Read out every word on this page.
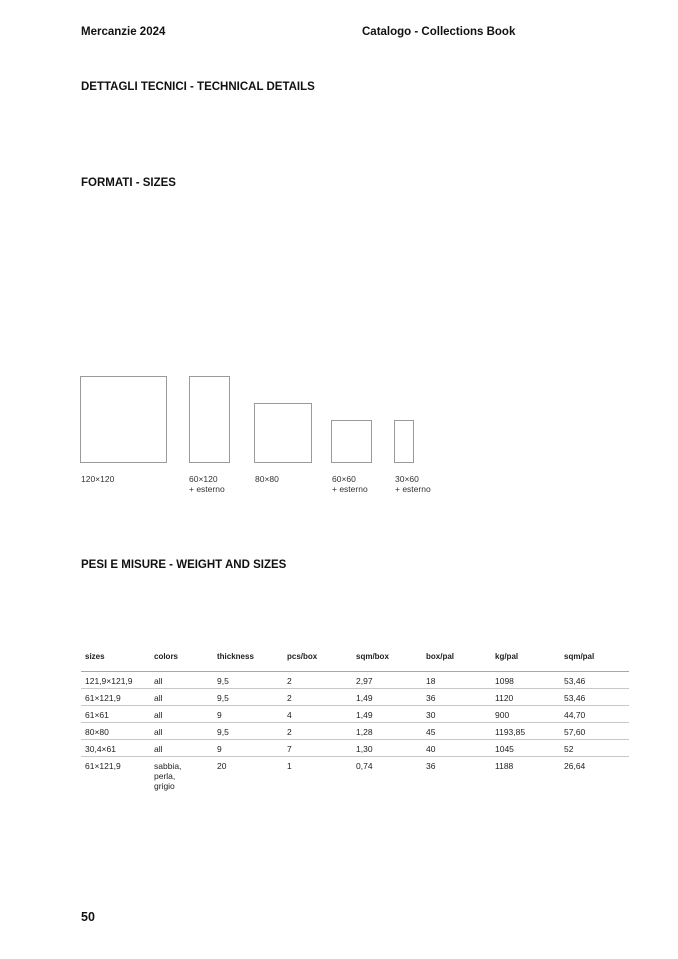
Mercanzie 2024	Catalogo - Collections Book
DETTAGLI TECNICI - TECHNICAL DETAILS
FORMATI - SIZES
120×120	60×120
+ esterno
80×80	60×60
+ esterno
30×60
+ esterno
PESI E MISURE - WEIGHT AND SIZES
sizes	colors	thickness	pcs/box	sqm/box	box/pal	kg/pal	sqm/pal
121,9×121,9	all	9,5	2	2,97	18	1098	53,46
61×121,9	all	9,5	2	1,49	36	1120	53,46
61×61	all	9	4	1,49	30	900	44,70
80×80	all	9,5	2	1,28	45	1193,85	57,60
30,4×61	all	9	7	1,30	40	1045	52
61×121,9	sabbia,
perla,
grigio	20	1	0,74	36	1188	26,64
50
